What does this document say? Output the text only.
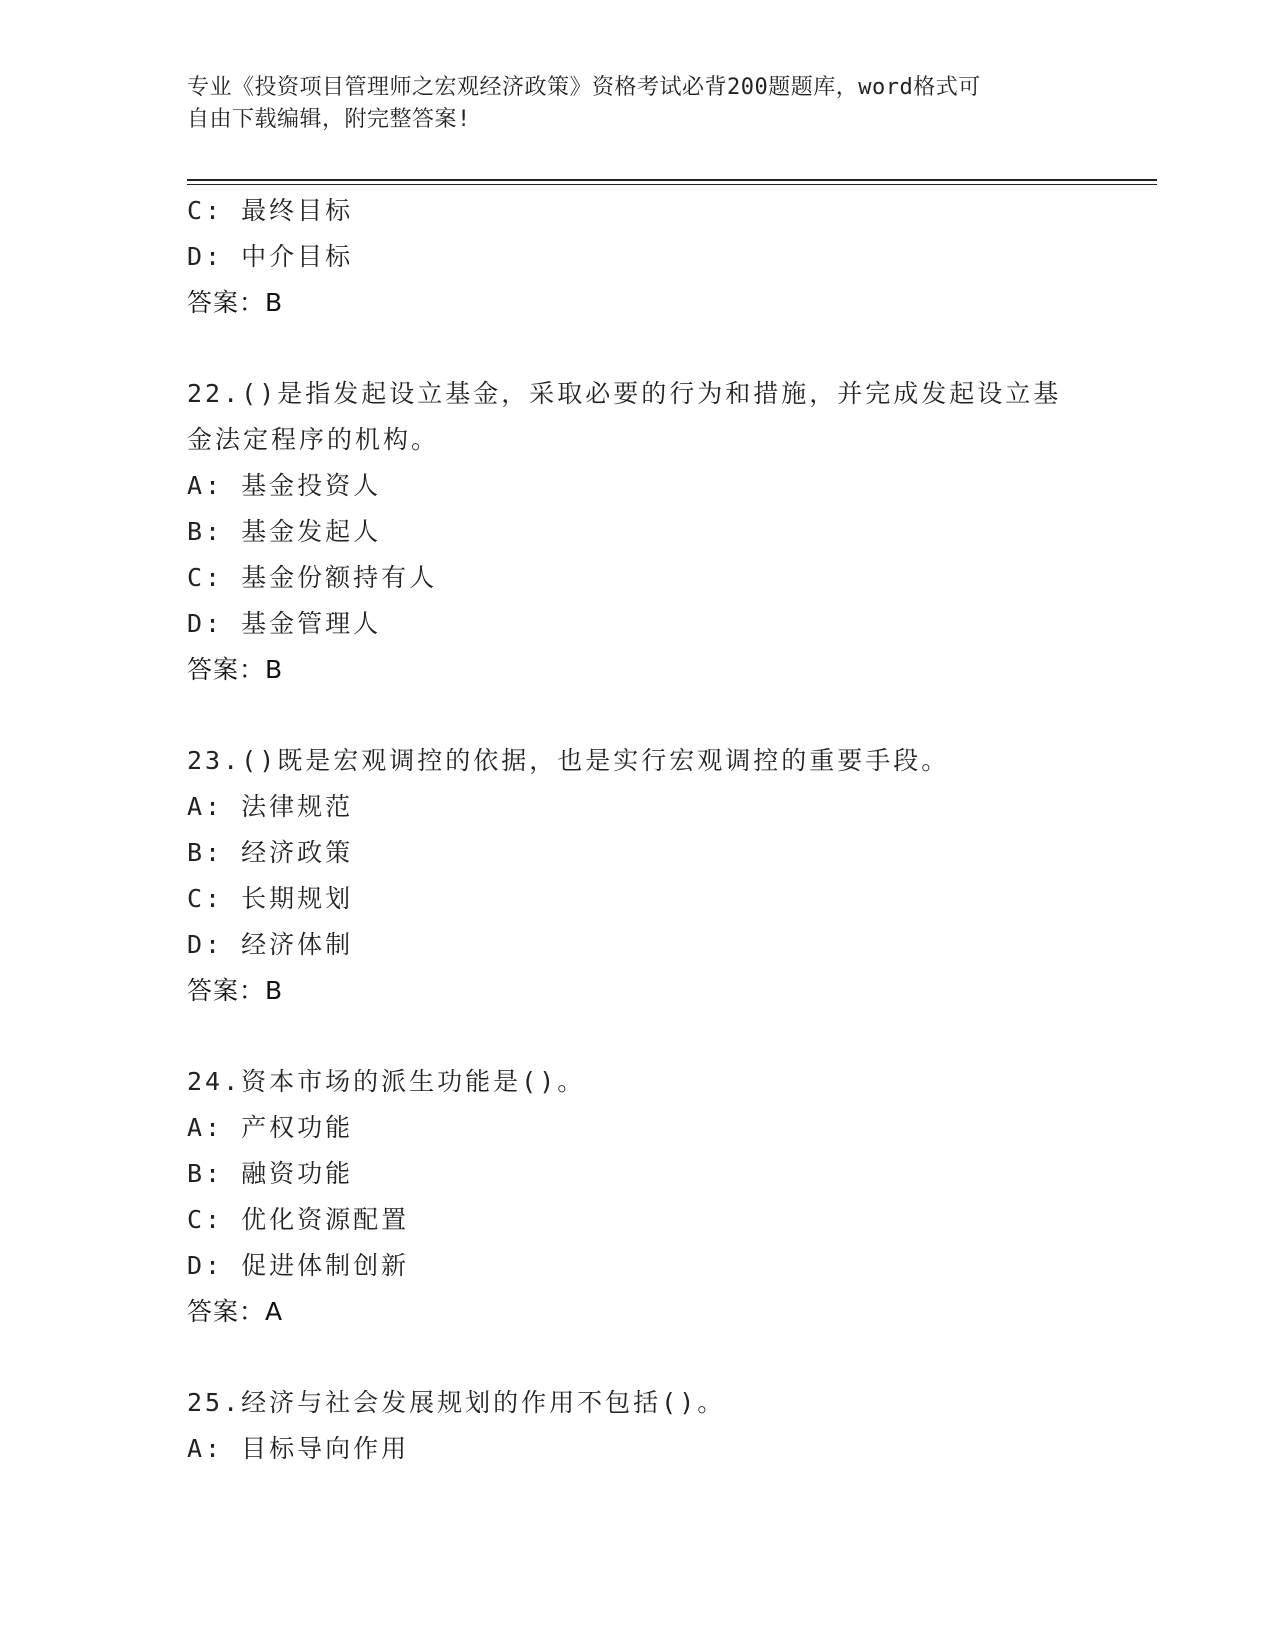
专业《投资项目管理师之宏观经济政策》资格考试必背200题题库，word格式可
自由下载编辑，附完整答案!
C: 最终目标
D: 中介目标
答案：B
22.()是指发起设立基金，采取必要的行为和措施，并完成发起设立基
金法定程序的机构。
A: 基金投资人
B: 基金发起人
C: 基金份额持有人
D: 基金管理人
答案：B
23.()既是宏观调控的依据，也是实行宏观调控的重要手段。
A: 法律规范
B: 经济政策
C: 长期规划
D: 经济体制
答案：B
24.资本市场的派生功能是()。
A: 产权功能
B: 融资功能
C: 优化资源配置
D: 促进体制创新
答案：A
25.经济与社会发展规划的作用不包括()。
A: 目标导向作用
